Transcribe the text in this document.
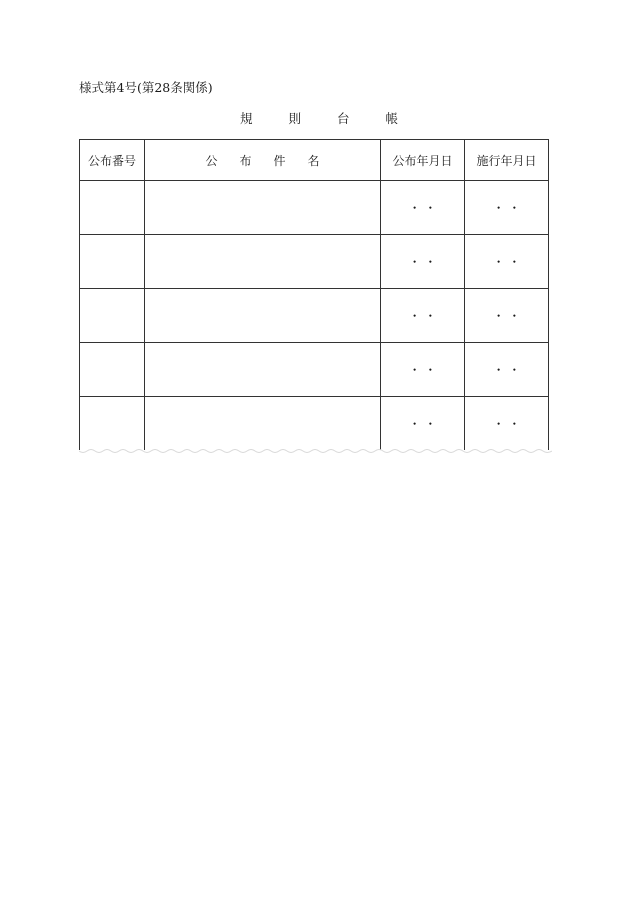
様式第4号(第28条関係)
規	則	台	帳
公布番号	公 布 件 名	公布年月日	施行年月日
		・ ・	・ ・
		・ ・	・ ・
		・ ・	・ ・
		・ ・	・ ・
		・ ・	・ ・
